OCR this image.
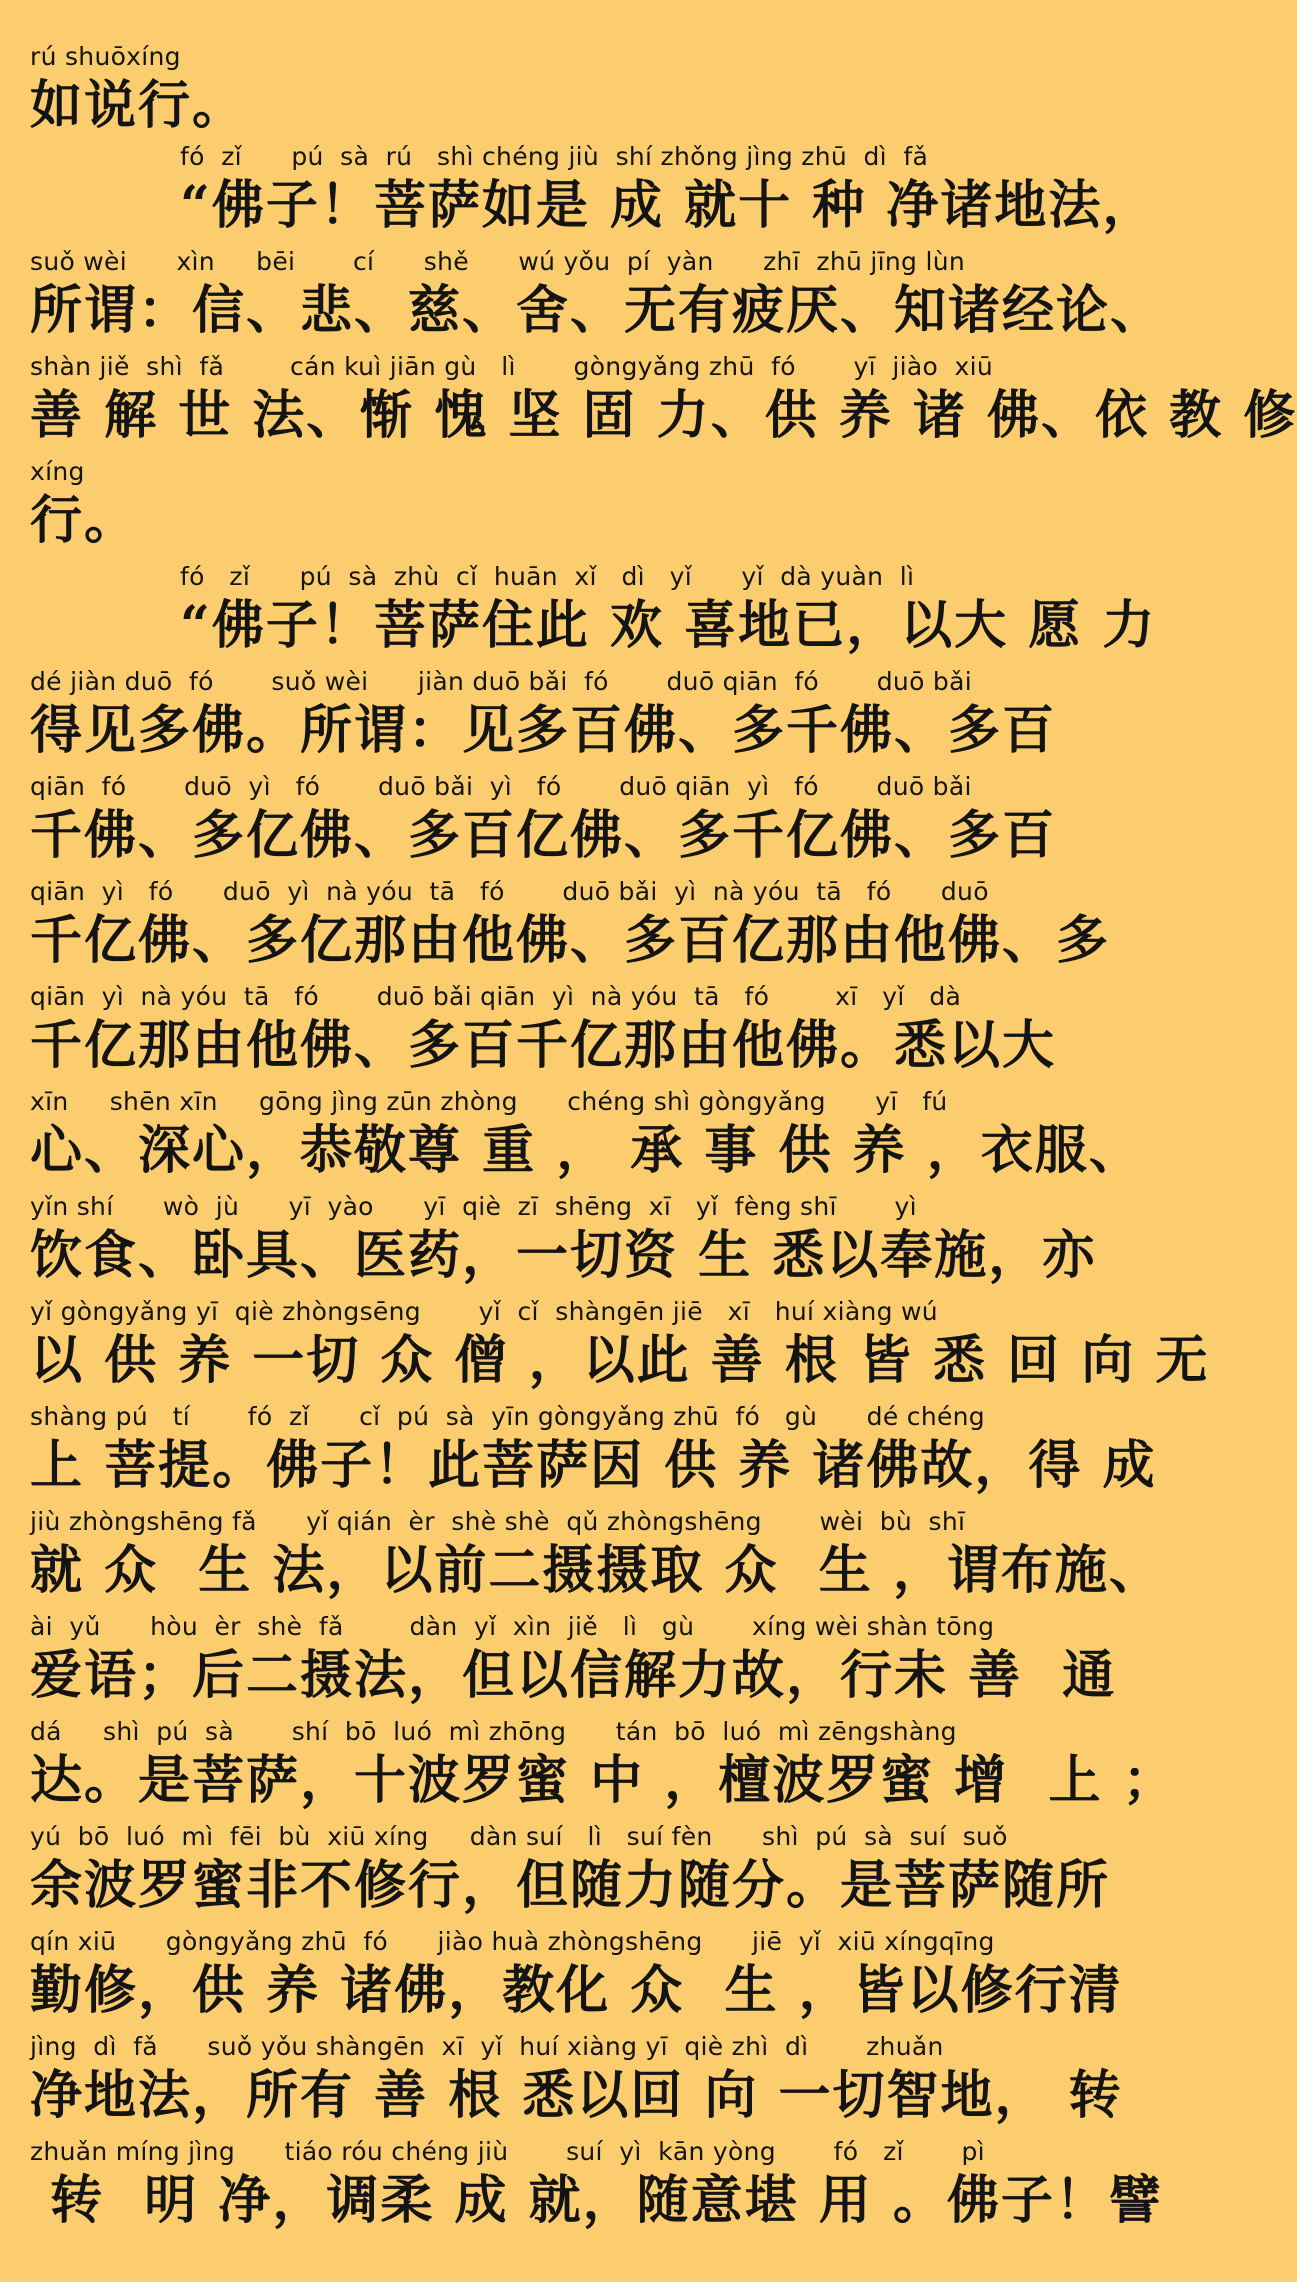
rú shuōxíng
如说行。
fó  zǐ      pú  sà  rú   shì chéng jiù  shí zhǒng jìng zhū  dì  fǎ
“佛子！菩萨如是 成 就十 种 净诸地法，
suǒ wèi      xìn     bēi       cí      shě      wú yǒu  pí  yàn      zhī  zhū jīng lùn
所谓：信、悲、慈、舍、无有疲厌、知诸经论、
shàn jiě  shì  fǎ        cán kuì jiān gù   lì       gòngyǎng zhū  fó       yī  jiào  xiū
善 解 世 法、惭 愧 坚 固 力、供 养 诸 佛、依 教 修
xíng
行。
fó   zǐ      pú  sà  zhù  cǐ  huān  xǐ   dì   yǐ      yǐ  dà yuàn  lì
“佛子！菩萨住此 欢 喜地已，以大 愿 力
dé jiàn duō  fó       suǒ wèi      jiàn duō bǎi  fó       duō qiān  fó       duō bǎi
得见多佛。所谓：见多百佛、多千佛、多百
qiān  fó       duō  yì   fó       duō bǎi  yì   fó       duō qiān  yì   fó       duō bǎi
千佛、多亿佛、多百亿佛、多千亿佛、多百
qiān  yì   fó      duō  yì  nà yóu  tā   fó       duō bǎi  yì  nà yóu  tā   fó      duō
千亿佛、多亿那由他佛、多百亿那由他佛、多
qiān  yì  nà yóu  tā   fó       duō bǎi qiān  yì  nà yóu  tā   fó        xī   yǐ   dà
千亿那由他佛、多百千亿那由他佛。悉以大
xīn     shēn xīn     gōng jìng zūn zhòng      chéng shì gòngyǎng      yī   fú
心、深心，恭敬尊 重 ， 承 事 供 养 ，衣服、
yǐn shí      wò  jù      yī  yào      yī  qiè  zī  shēng  xī   yǐ  fèng shī       yì
饮食、卧具、医药，一切资 生 悉以奉施，亦
yǐ gòngyǎng yī  qiè zhòngsēng       yǐ  cǐ  shàngēn jiē   xī   huí xiàng wú
以 供 养 一切 众 僧 ，以此 善 根 皆 悉 回 向 无
shàng pú   tí       fó  zǐ      cǐ  pú  sà  yīn gòngyǎng zhū  fó   gù      dé chéng
上 菩提。佛子！此菩萨因 供 养 诸佛故，得 成
jiù zhòngshēng fǎ      yǐ qián  èr  shè shè  qǔ zhòngshēng       wèi  bù  shī
就 众  生 法，以前二摄摄取 众  生 ，谓布施、
ài  yǔ      hòu  èr  shè  fǎ        dàn  yǐ  xìn  jiě   lì   gù       xíng wèi shàn tōng
爱语；后二摄法，但以信解力故，行未 善  通
dá     shì  pú  sà       shí  bō  luó  mì zhōng      tán  bō  luó  mì zēngshàng
达。是菩萨，十波罗蜜 中 ，檀波罗蜜 增  上 ；
yú  bō  luó  mì  fēi  bù  xiū xíng     dàn suí   lì   suí fèn      shì  pú  sà  suí  suǒ
余波罗蜜非不修行，但随力随分。是菩萨随所
qín xiū      gòngyǎng zhū  fó      jiào huà zhòngshēng      jiē  yǐ  xiū xíngqīng
勤修，供 养 诸佛，教化 众  生 ，皆以修行清
jìng  dì  fǎ      suǒ yǒu shàngēn  xī  yǐ  huí xiàng yī  qiè zhì  dì       zhuǎn
净地法，所有 善 根 悉以回 向 一切智地， 转
zhuǎn míng jìng      tiáo róu chéng jiù       suí  yì  kān yòng       fó   zǐ       pì
转  明 净，调柔 成 就，随意堪 用 。佛子！譬
